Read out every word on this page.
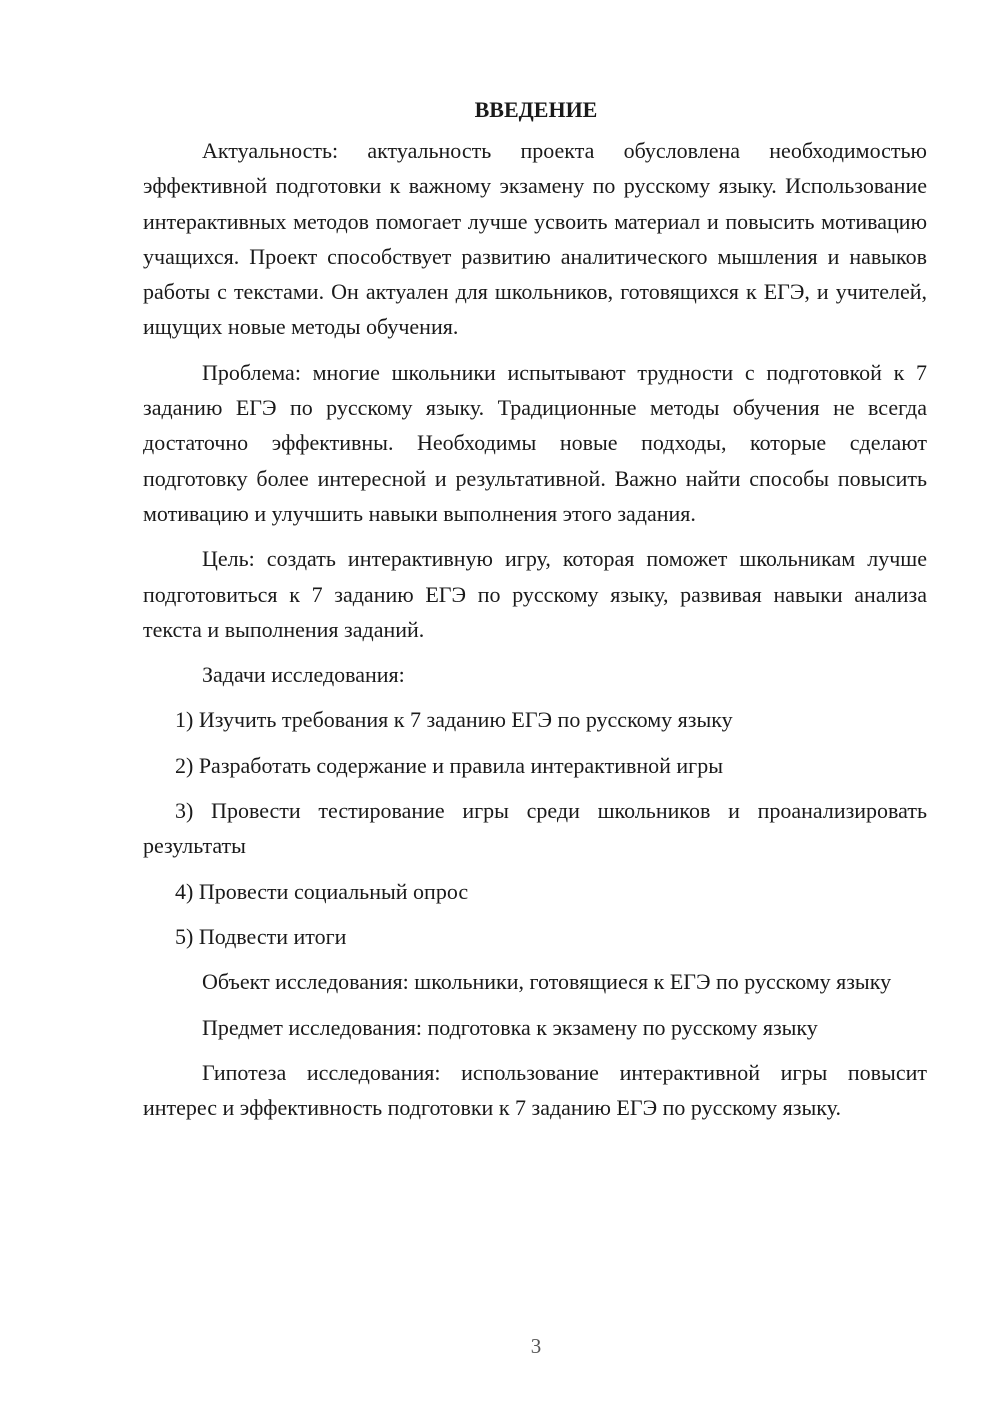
ВВЕДЕНИЕ

Актуальность: актуальность проекта обусловлена необходимостью эффективной подготовки к важному экзамену по русскому языку. Использование интерактивных методов помогает лучше усвоить материал и повысить мотивацию учащихся. Проект способствует развитию аналитического мышления и навыков работы с текстами. Он актуален для школьников, готовящихся к ЕГЭ, и учителей, ищущих новые методы обучения.

Проблема: многие школьники испытывают трудности с подготовкой к 7 заданию ЕГЭ по русскому языку. Традиционные методы обучения не всегда достаточно эффективны. Необходимы новые подходы, которые сделают подготовку более интересной и результативной. Важно найти способы повысить мотивацию и улучшить навыки выполнения этого задания.

Цель: создать интерактивную игру, которая поможет школьникам лучше подготовиться к 7 заданию ЕГЭ по русскому языку, развивая навыки анализа текста и выполнения заданий.

Задачи исследования:

1) Изучить требования к 7 заданию ЕГЭ по русскому языку

2) Разработать содержание и правила интерактивной игры

3) Провести тестирование игры среди школьников и проанализировать результаты

4) Провести социальный опрос

5) Подвести итоги

Объект исследования: школьники, готовящиеся к ЕГЭ по русскому языку

Предмет исследования: подготовка к экзамену по русскому языку

Гипотеза исследования: использование интерактивной игры повысит интерес и эффективность подготовки к 7 заданию ЕГЭ по русскому языку.

3
